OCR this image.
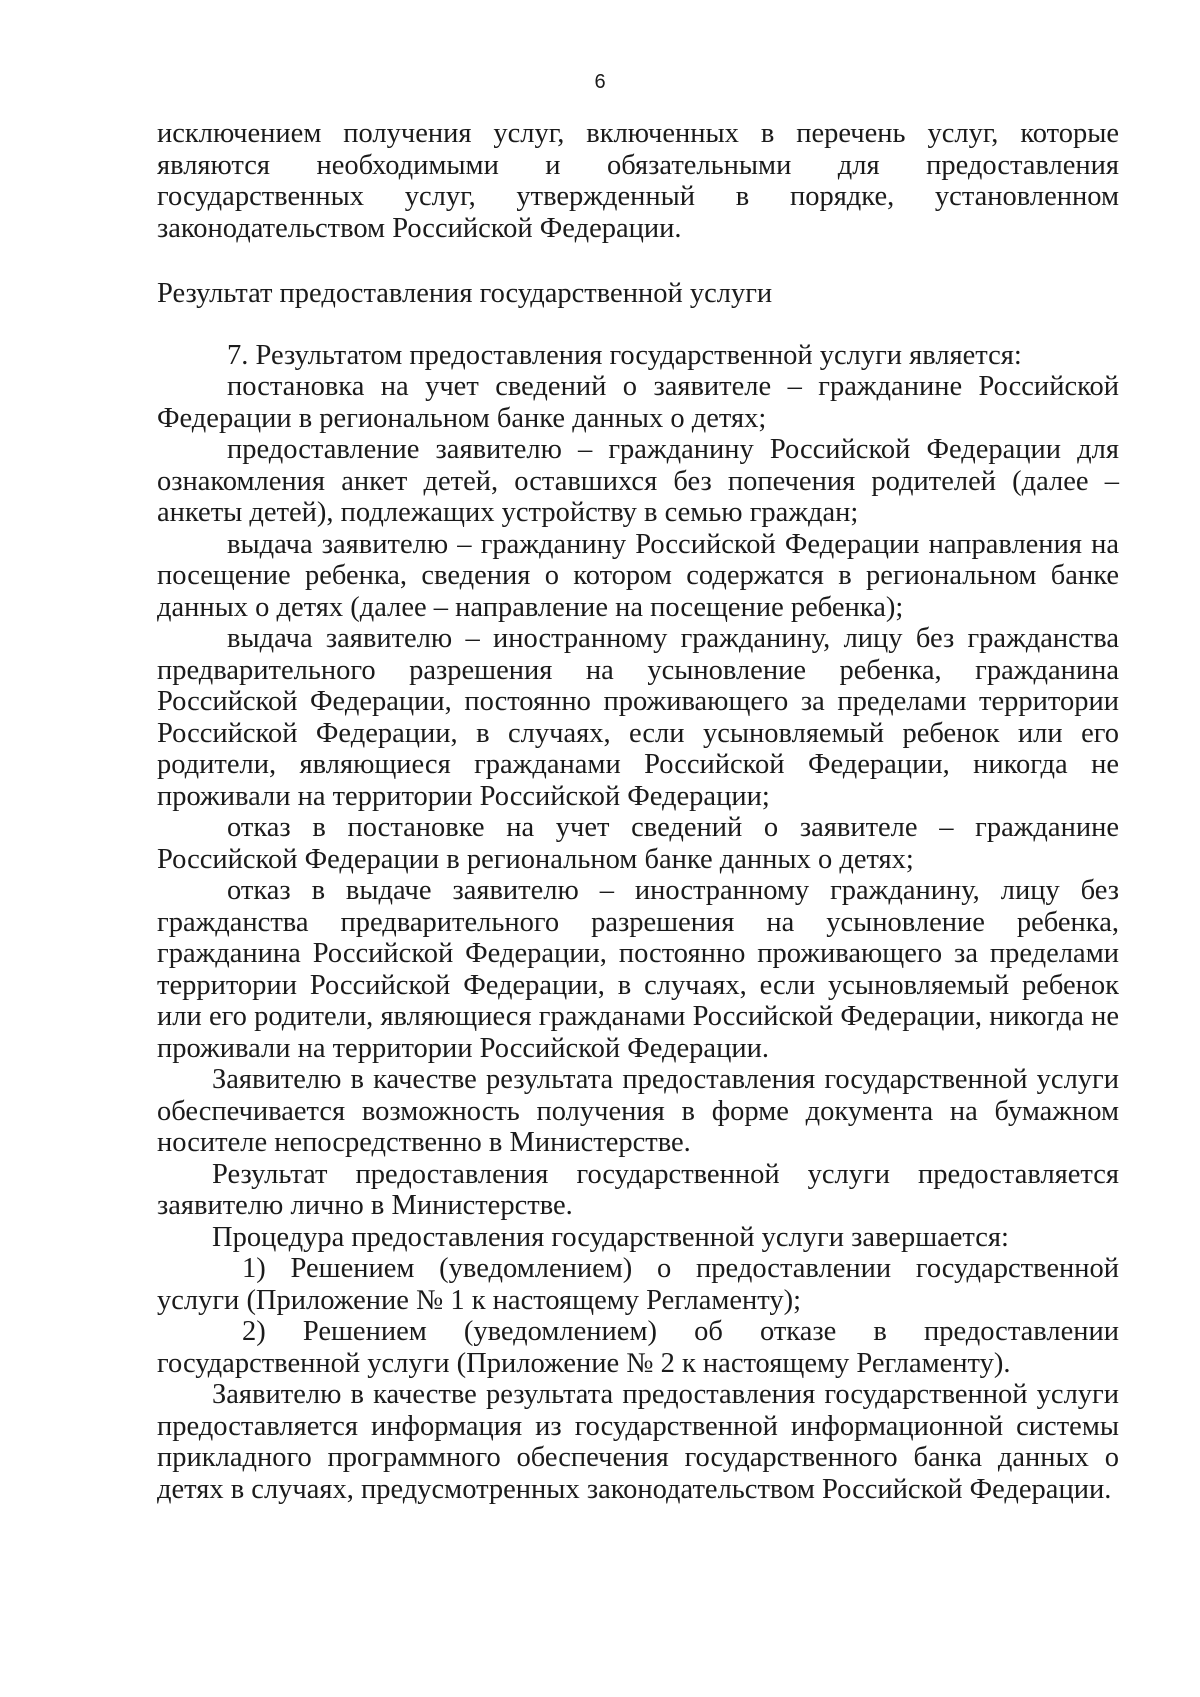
6

исключением получения услуг, включенных в перечень услуг, которые являются необходимыми и обязательными для предоставления государственных услуг, утвержденный в порядке, установленном законодательством Российской Федерации.

Результат предоставления государственной услуги

7. Результатом предоставления государственной услуги является:

постановка на учет сведений о заявителе – гражданине Российской Федерации в региональном банке данных о детях;

предоставление заявителю – гражданину Российской Федерации для ознакомления анкет детей, оставшихся без попечения родителей (далее – анкеты детей), подлежащих устройству в семью граждан;

выдача заявителю – гражданину Российской Федерации направления на посещение ребенка, сведения о котором содержатся в региональном банке данных о детях (далее – направление на посещение ребенка);

выдача заявителю – иностранному гражданину, лицу без гражданства предварительного разрешения на усыновление ребенка, гражданина Российской Федерации, постоянно проживающего за пределами территории Российской Федерации, в случаях, если усыновляемый ребенок или его родители, являющиеся гражданами Российской Федерации, никогда не проживали на территории Российской Федерации;

отказ в постановке на учет сведений о заявителе – гражданине Российской Федерации в региональном банке данных о детях;

отказ в выдаче заявителю – иностранному гражданину, лицу без гражданства предварительного разрешения на усыновление ребенка, гражданина Российской Федерации, постоянно проживающего за пределами территории Российской Федерации, в случаях, если усыновляемый ребенок или его родители, являющиеся гражданами Российской Федерации, никогда не проживали на территории Российской Федерации.

Заявителю в качестве результата предоставления государственной услуги обеспечивается возможность получения в форме документа на бумажном носителе непосредственно в Министерстве.

Результат предоставления государственной услуги предоставляется заявителю лично в Министерстве.

Процедура предоставления государственной услуги завершается:

1) Решением (уведомлением) о предоставлении государственной услуги (Приложение № 1 к настоящему Регламенту);

2) Решением (уведомлением) об отказе в предоставлении государственной услуги (Приложение № 2 к настоящему Регламенту).

Заявителю в качестве результата предоставления государственной услуги предоставляется информация из государственной информационной системы прикладного программного обеспечения государственного банка данных о детях в случаях, предусмотренных законодательством Российской Федерации.
